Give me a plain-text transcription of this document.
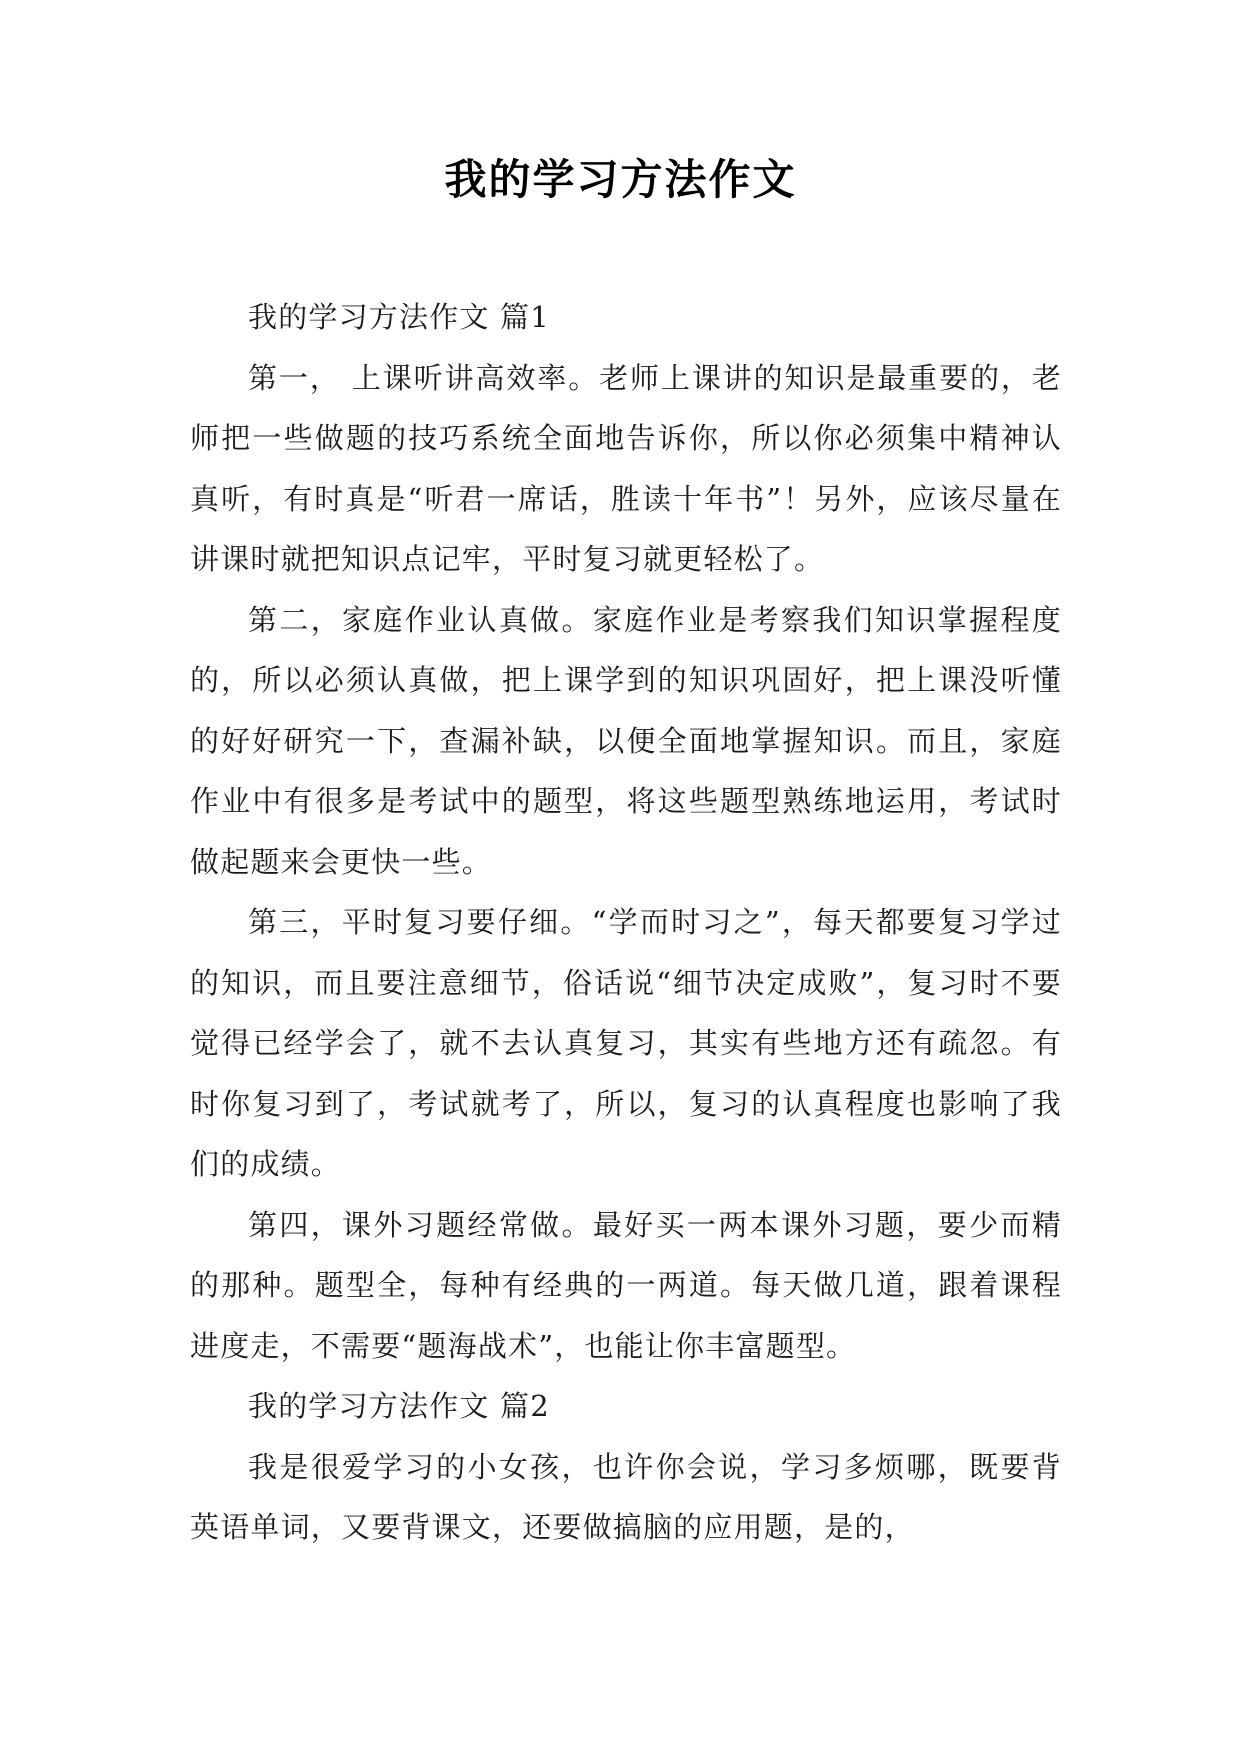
我的学习方法作文

我的学习方法作文 篇1

第一， 上课听讲高效率。老师上课讲的知识是最重要的，老师把一些做题的技巧系统全面地告诉你，所以你必须集中精神认真听，有时真是“听君一席话，胜读十年书”！另外，应该尽量在讲课时就把知识点记牢，平时复习就更轻松了。

第二，家庭作业认真做。家庭作业是考察我们知识掌握程度的，所以必须认真做，把上课学到的知识巩固好，把上课没听懂的好好研究一下，查漏补缺，以便全面地掌握知识。而且，家庭作业中有很多是考试中的题型，将这些题型熟练地运用，考试时做起题来会更快一些。

第三，平时复习要仔细。“学而时习之”，每天都要复习学过的知识，而且要注意细节，俗话说“细节决定成败”，复习时不要觉得已经学会了，就不去认真复习，其实有些地方还有疏忽。有时你复习到了，考试就考了，所以，复习的认真程度也影响了我们的成绩。

第四，课外习题经常做。最好买一两本课外习题，要少而精的那种。题型全，每种有经典的一两道。每天做几道，跟着课程进度走，不需要“题海战术”，也能让你丰富题型。

我的学习方法作文 篇2

我是很爱学习的小女孩，也许你会说，学习多烦哪，既要背英语单词，又要背课文，还要做搞脑的应用题，是的，
